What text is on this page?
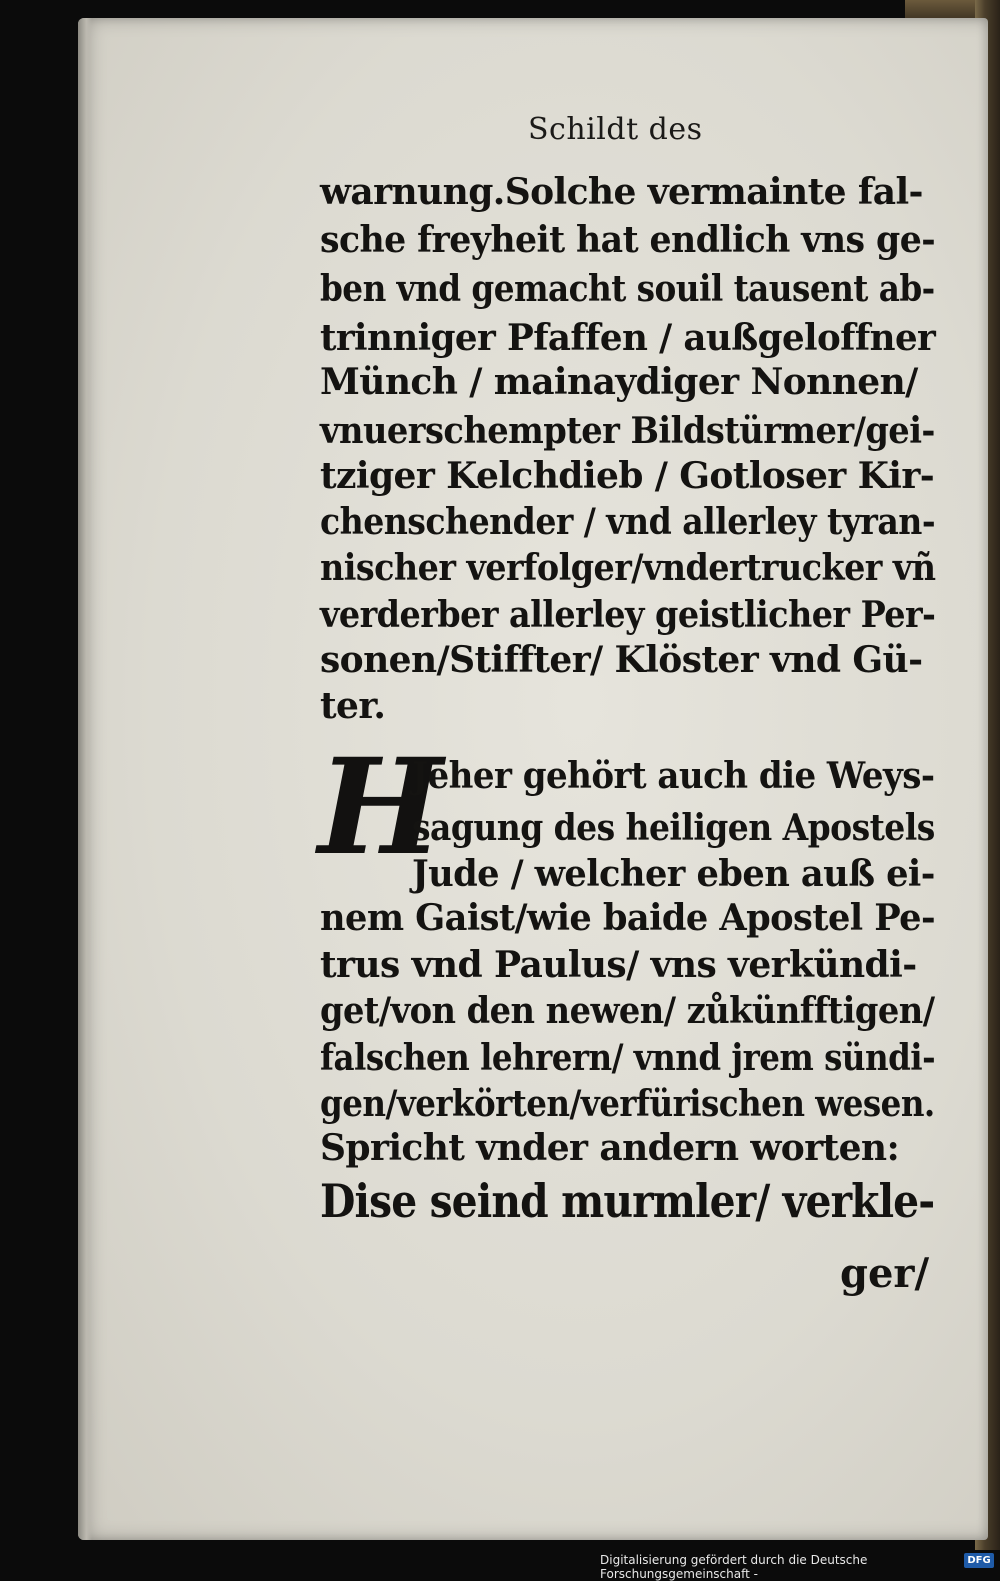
Schildt des
warnung.Solche vermainte fal-
sche freyheit hat endlich vns ge-
ben vnd gemacht souil tausent ab-
trinniger Pfaffen / außgeloffner
Münch / mainaydiger Nonnen/
vnuerschempter Bildstürmer/gei-
tziger Kelchdieb / Gotloser Kir-
chenschender / vnd allerley tyran-
nischer verfolger/vndertrucker vñ
verderber allerley geistlicher Per-
sonen/Stiffter/ Klöster vnd Gü-
ter.
H
Jeher gehört auch die Weys-
sagung des heiligen Apostels
Jude / welcher eben auß ei-
nem Gaist/wie baide Apostel Pe-
trus vnd Paulus/ vns verkündi-
get/von den newen/ zůkünfftigen/
falschen lehrern/ vnnd jrem sündi-
gen/verkörten/verfürischen wesen.
Spricht vnder andern worten:
Dise seind murmler/ verkle-
ger/
Digitalisierung gefördert durch die Deutsche Forschungsgemeinschaft -
DFG
